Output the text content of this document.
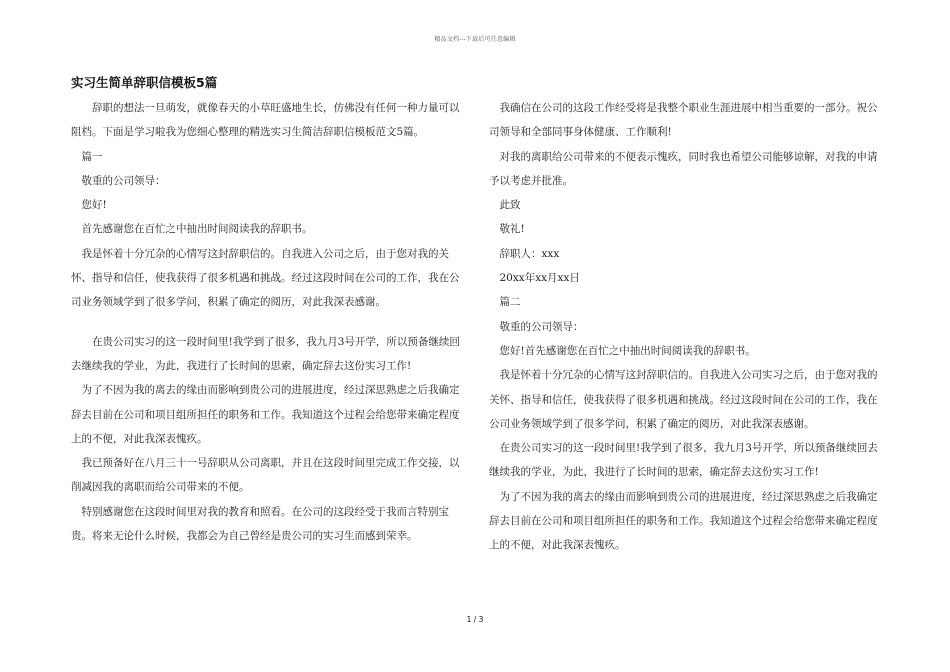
精品文档---下载后可任意编辑
实习生简单辞职信模板5篇

辞职的想法一旦萌发，就像春天的小草旺盛地生长，仿佛没有任何一种力量可以阻档。下面是学习啦我为您细心整理的精选实习生简洁辞职信模板范文5篇。

篇一

敬重的公司领导：

您好!

首先感谢您在百忙之中抽出时间阅读我的辞职书。

我是怀着十分冗杂的心情写这封辞职信的。自我进入公司之后，由于您对我的关怀、指导和信任，使我获得了很多机遇和挑战。经过这段时间在公司的工作，我在公司业务领域学到了很多学问，积累了确定的阅历，对此我深表感谢。

在贵公司实习的这一段时间里!我学到了很多，我九月3号开学，所以预备继续回去继续我的学业，为此，我进行了长时间的思索，确定辞去这份实习工作!

为了不因为我的离去的缘由而影响到贵公司的进展进度，经过深思熟虑之后我确定辞去目前在公司和项目组所担任的职务和工作。我知道这个过程会给您带来确定程度上的不便，对此我深表愧疚。

我已预备好在八月三十一号辞职从公司离职，并且在这段时间里完成工作交接，以削减因我的离职而给公司带来的不便。

特别感谢您在这段时间里对我的教育和照看。在公司的这段经受于我而言特别宝贵。将来无论什么时候，我都会为自己曾经是贵公司的实习生而感到荣幸。

我确信在公司的这段工作经受将是我整个职业生涯进展中相当重要的一部分。祝公司领导和全部同事身体健康、工作顺利!

对我的离职给公司带来的不便表示愧疚，同时我也希望公司能够谅解，对我的申请予以考虑并批准。

此致

敬礼!

辞职人：xxx

20xx年xx月xx日

篇二

敬重的公司领导：

您好!首先感谢您在百忙之中抽出时间阅读我的辞职书。

我是怀着十分冗杂的心情写这封辞职信的。自我进入公司实习之后，由于您对我的关怀、指导和信任，使我获得了很多机遇和挑战。经过这段时间在公司的工作，我在公司业务领域学到了很多学问，积累了确定的阅历，对此我深表感谢。

在贵公司实习的这一段时间里!我学到了很多，我九月3号开学，所以预备继续回去继续我的学业，为此，我进行了长时间的思索，确定辞去这份实习工作!

为了不因为我的离去的缘由而影响到贵公司的进展进度，经过深思熟虑之后我确定辞去目前在公司和项目组所担任的职务和工作。我知道这个过程会给您带来确定程度上的不便，对此我深表愧疚。

1 / 3
